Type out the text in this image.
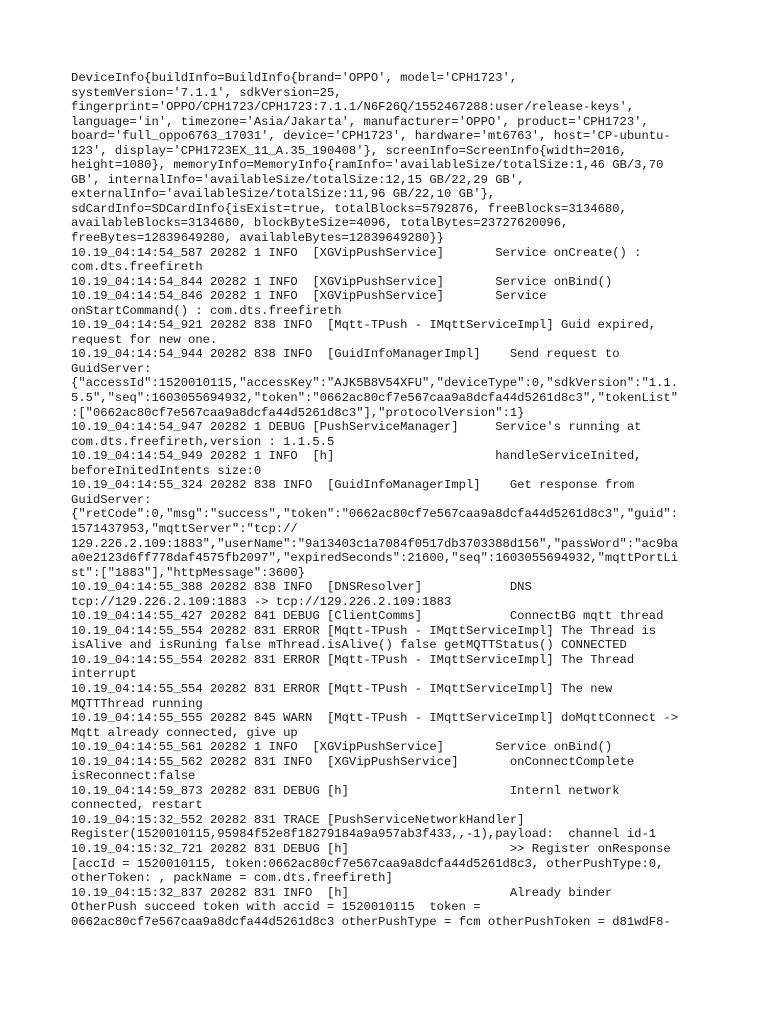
DeviceInfo{buildInfo=BuildInfo{brand='OPPO', model='CPH1723',
systemVersion='7.1.1', sdkVersion=25,
fingerprint='OPPO/CPH1723/CPH1723:7.1.1/N6F26Q/1552467288:user/release-keys',
language='in', timezone='Asia/Jakarta', manufacturer='OPPO', product='CPH1723',
board='full_oppo6763_17031', device='CPH1723', hardware='mt6763', host='CP-ubuntu-
123', display='CPH1723EX_11_A.35_190408'}, screenInfo=ScreenInfo{width=2016,
height=1080}, memoryInfo=MemoryInfo{ramInfo='availableSize/totalSize:1,46 GB/3,70
GB', internalInfo='availableSize/totalSize:12,15 GB/22,29 GB',
externalInfo='availableSize/totalSize:11,96 GB/22,10 GB'},
sdCardInfo=SDCardInfo{isExist=true, totalBlocks=5792876, freeBlocks=3134680,
availableBlocks=3134680, blockByteSize=4096, totalBytes=23727620096,
freeBytes=12839649280, availableBytes=12839649280}}
10.19_04:14:54_587 20282 1 INFO  [XGVipPushService]       Service onCreate() :
com.dts.freefireth
10.19_04:14:54_844 20282 1 INFO  [XGVipPushService]       Service onBind()
10.19_04:14:54_846 20282 1 INFO  [XGVipPushService]       Service
onStartCommand() : com.dts.freefireth
10.19_04:14:54_921 20282 838 INFO  [Mqtt-TPush - IMqttServiceImpl] Guid expired,
request for new one.
10.19_04:14:54_944 20282 838 INFO  [GuidInfoManagerImpl]    Send request to
GuidServer:
{"accessId":1520010115,"accessKey":"AJK5B8V54XFU","deviceType":0,"sdkVersion":"1.1.
5.5","seq":1603055694932,"token":"0662ac80cf7e567caa9a8dcfa44d5261d8c3","tokenList"
:["0662ac80cf7e567caa9a8dcfa44d5261d8c3"],"protocolVersion":1}
10.19_04:14:54_947 20282 1 DEBUG [PushServiceManager]     Service's running at
com.dts.freefireth,version : 1.1.5.5
10.19_04:14:54_949 20282 1 INFO  [h]                      handleServiceInited,
beforeInitedIntents size:0
10.19_04:14:55_324 20282 838 INFO  [GuidInfoManagerImpl]    Get response from
GuidServer:
{"retCode":0,"msg":"success","token":"0662ac80cf7e567caa9a8dcfa44d5261d8c3","guid":
1571437953,"mqttServer":"tcp://
129.226.2.109:1883","userName":"9a13403c1a7084f0517db3703388d156","passWord":"ac9ba
a0e2123d6ff778daf4575fb2097","expiredSeconds":21600,"seq":1603055694932,"mqttPortLi
st":["1883"],"httpMessage":3600}
10.19_04:14:55_388 20282 838 INFO  [DNSResolver]            DNS
tcp://129.226.2.109:1883 -> tcp://129.226.2.109:1883
10.19_04:14:55_427 20282 841 DEBUG [ClientComms]            ConnectBG mqtt thread
10.19_04:14:55_554 20282 831 ERROR [Mqtt-TPush - IMqttServiceImpl] The Thread is
isAlive and isRuning false mThread.isAlive() false getMQTTStatus() CONNECTED
10.19_04:14:55_554 20282 831 ERROR [Mqtt-TPush - IMqttServiceImpl] The Thread
interrupt
10.19_04:14:55_554 20282 831 ERROR [Mqtt-TPush - IMqttServiceImpl] The new
MQTTThread running
10.19_04:14:55_555 20282 845 WARN  [Mqtt-TPush - IMqttServiceImpl] doMqttConnect ->
Mqtt already connected, give up
10.19_04:14:55_561 20282 1 INFO  [XGVipPushService]       Service onBind()
10.19_04:14:55_562 20282 831 INFO  [XGVipPushService]       onConnectComplete
isReconnect:false
10.19_04:14:59_873 20282 831 DEBUG [h]                      Internl network
connected, restart
10.19_04:15:32_552 20282 831 TRACE [PushServiceNetworkHandler]
Register(1520010115,95984f52e8f18279184a9a957ab3f433,,-1),payload:  channel id-1
10.19_04:15:32_721 20282 831 DEBUG [h]                      >> Register onResponse
[accId = 1520010115, token:0662ac80cf7e567caa9a8dcfa44d5261d8c3, otherPushType:0,
otherToken: , packName = com.dts.freefireth]
10.19_04:15:32_837 20282 831 INFO  [h]                      Already binder
OtherPush succeed token with accid = 1520010115  token =
0662ac80cf7e567caa9a8dcfa44d5261d8c3 otherPushType = fcm otherPushToken = d81wdF8-
